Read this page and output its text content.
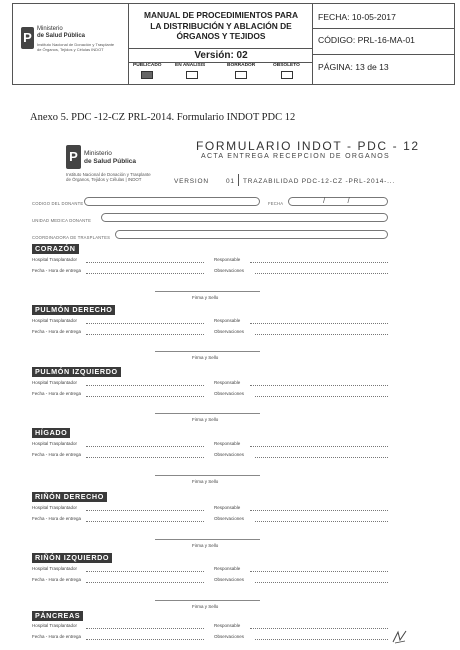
P
Ministerio
de Salud Pública
Instituto Nacional de Donación y Trasplante
de Órganos, Tejidos y Células INDOT
MANUAL DE PROCEDIMIENTOS PARA
LA DISTRIBUCIÓN Y ABLACIÓN DE
ÓRGANOS Y TEJIDOS
Versión: 02
PUBLICADO	EN ANALISIS	BORRADOR	OBSOLETO
FECHA: 10-05-2017
CÓDIGO: PRL-16-MA-01
PÁGINA: 13 de 13
Anexo 5. PDC -12-CZ PRL-2014. Formulario INDOT PDC 12
P Ministerio
de Salud Pública
Instituto Nacional de Donación y Trasplante
de Órganos, Tejidos y Células | INDOT
FORMULARIO INDOT - PDC - 12
ACTA ENTREGA RECEPCION DE ORGANOS
VERSION	01 TRAZABILIDAD PDC-12-CZ -PRL-2014-...
CODIGO DEL DONANTE	FECHA	/          /
UNIDAD MEDICA DONANTE
COORDINADORA DE TRASPLANTES
CORAZÓN
Hospital Trasplantador	Responsable
Fecha - Hora de entrega	Observaciones
Firma y Sello
PULMÓN DERECHO
Hospital Trasplantador	Responsable
Fecha - Hora de entrega	Observaciones
Firma y Sello
PULMÓN IZQUIERDO
Hospital Trasplantador	Responsable
Fecha - Hora de entrega	Observaciones
Firma y Sello
HÍGADO
Hospital Trasplantador	Responsable
Fecha - Hora de entrega	Observaciones
Firma y Sello
RIÑÓN DERECHO
Hospital Trasplantador	Responsable
Fecha - Hora de entrega	Observaciones
Firma y Sello
RIÑÓN IZQUIERDO
Hospital Trasplantador	Responsable
Fecha - Hora de entrega	Observaciones
Firma y Sello
PÁNCREAS
Hospital Trasplantador	Responsable
Fecha - Hora de entrega	Observaciones
